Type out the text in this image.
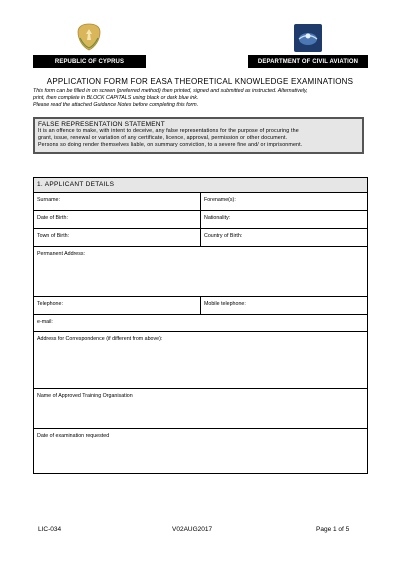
REPUBLIC OF CYPRUS	DEPARTMENT OF CIVIL AVIATION
APPLICATION FORM FOR EASA THEORETICAL KNOWLEDGE EXAMINATIONS
This form can be filled in on screen (preferred method) then printed, signed and submitted as instructed. Alternatively,
print, then complete in BLOCK CAPITALS using black or dark blue ink.
Please read the attached Guidance Notes before completing this form.
FALSE REPRESENTATION STATEMENT
It is an offence to make, with intent to deceive, any false representations for the purpose of procuring the
grant, issue, renewal or variation of any certificate, licence, approval, permission or other document.
Persons so doing render themselves liable, on summary conviction, to a severe fine and/ or imprisonment.
1. APPLICANT DETAILS
Surname:	Forename(s):
Date of Birth:	Nationality:
Town of Birth:	Country of Birth:
Permanent Address:
Telephone:	Mobile telephone:
e-mail:
Address for Correspondence (if different from above):
Name of Approved Training Organisation
Date of examination requested
LIC-034	V02AUG2017	Page 1 of 5
